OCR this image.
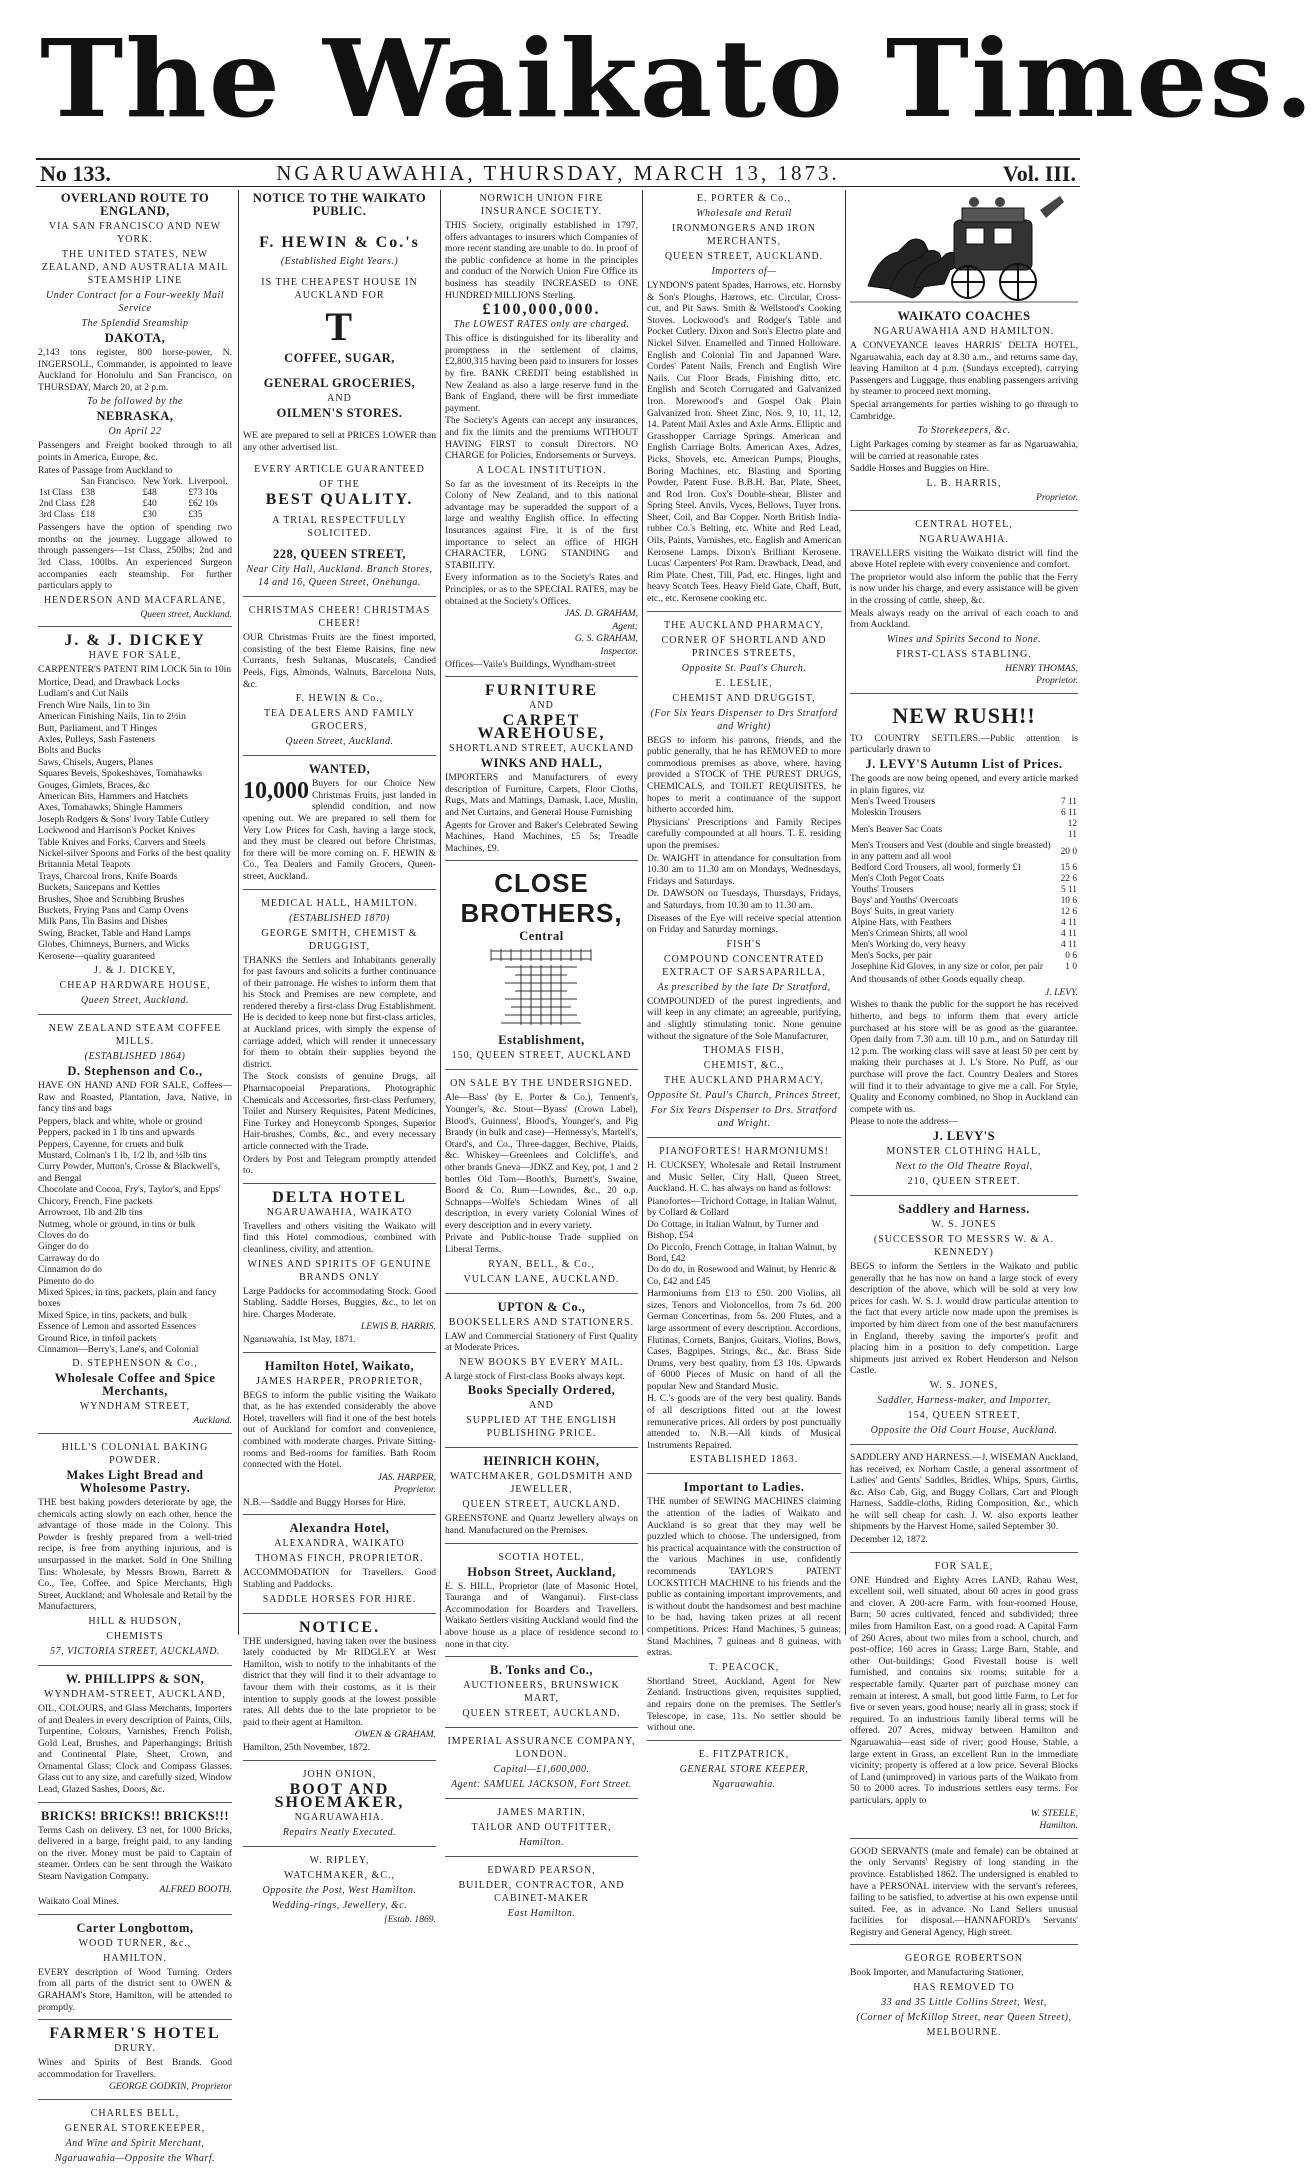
The Waikato Times.
No 133.	NGARUAWAHIA, THURSDAY, MARCH 13, 1873.	Vol. III.
OVERLAND ROUTE TO ENGLAND,
VIA SAN FRANCISCO AND NEW YORK.
THE UNITED STATES, NEW ZEALAND, AND AUSTRALIA MAIL STEAMSHIP LINE
Under Contract for a Four-weekly Mail Service
The Splendid Steamship
DAKOTA,
2,143 tons register, 800 horse-power, N. INGERSOLL, Commander, is appointed to leave Auckland for Honolulu and San Francisco, on THURSDAY, March 20, at 2 p.m.
To be followed by the
NEBRASKA,
On April 22
Passengers and Freight booked through to all points in America, Europe, &c.
Rates of Passage from Auckland to
	San Francisco.	New York.	Liverpool.
1st Class	£38	£48	£73 10s
2nd Class	£28	£40	£62 10s
3rd Class	£18	£30	£35
Passengers have the option of spending two months on the journey. Luggage allowed to through passengers—1st Class, 250lbs; 2nd and 3rd Class, 100lbs. An experienced Surgeon accompanies each steamship. For further particulars apply to
HENDERSON AND MACFARLANE,
Queen street, Auckland.
J. & J. DICKEY
HAVE FOR SALE,
CARPENTER'S PATENT RIM LOCK 5in to 10in
Mortice, Dead, and Drawback Locks
Ludlam's and Cut Nails
French Wire Nails, 1in to 3in
American Finishing Nails, 1in to 2½in
Butt, Parliament, and T Hinges
Axles, Pulleys, Sash Fasteners
Bolts and Bucks
Saws, Chisels, Augers, Planes
Squares Bevels, Spokeshaves, Tomahawks
Gouges, Gimlets, Braces, &c
American Bits, Hammers and Hatchets
Axes, Tomahawks, Shingle Hammers
Joseph Rodgers & Sons' Ivory Table Cutlery
Lockwood and Harrison's Pocket Knives
Table Knives and Forks, Carvers and Steels
Nickel-silver Spoons and Forks of the best quality
Britannia Metal Teapots
Trays, Charcoal Irons, Knife Boards
Buckets, Saucepans and Kettles
Brushes, Shoe and Scrubbing Brushes
Buckets, Frying Pans and Camp Ovens
Milk Pans, Tin Basins and Dishes
Swing, Bracket, Table and Hand Lamps
Globes, Chimneys, Burners, and Wicks
Kerosene—quality guaranteed
J. & J. DICKEY,
CHEAP HARDWARE HOUSE,
Queen Street, Auckland.
NEW ZEALAND STEAM COFFEE MILLS.
(ESTABLISHED 1864)
D. Stephenson and Co.,
HAVE ON HAND AND FOR SALE, Coffees—Raw and Roasted, Plantation, Java, Native, in fancy tins and bags
Peppers, black and white, whole or ground
Peppers, packed in 1 lb tins and upwards
Peppers, Cayenne, for cruets and bulk
Mustard, Colman's 1 lb, 1/2 lb, and ½lb tins
Curry Powder, Mutton's, Crosse & Blackwell's, and Bengal
Chocolate and Cocoa, Fry's, Taylor's, and Epps'
Chicory, French, Fine packets
Arrowroot, 1lb and 2lb tins
Nutmeg, whole or ground, in tins or bulk
Cloves do do
Ginger do do
Carraway do do
Cinnamon do do
Pimento do do
Mixed Spices, in tins, packets, plain and fancy boxes
Mixed Spice, in tins, packets, and bulk
Essence of Lemon and assorted Essences
Ground Rice, in tinfoil packets
Cinnamon—Berry's, Lane's, and Colonial
D. STEPHENSON & Co.,
Wholesale Coffee and Spice Merchants,
WYNDHAM STREET,
Auckland.
HILL'S COLONIAL BAKING POWDER.
Makes Light Bread and Wholesome Pastry.
THE best baking powders deteriorate by age, the chemicals acting slowly on each other, hence the advantage of those made in the Colony. This Powder is freshly prepared from a well-tried recipe, is free from anything injurious, and is unsurpassed in the market. Sold in One Shilling Tins: Wholesale, by Messrs Brown, Barrett & Co., Tee, Coffee, and Spice Merchants, High Street, Auckland; and Wholesale and Retail by the Manufacturers,
HILL & HUDSON,
CHEMISTS
57, VICTORIA STREET, AUCKLAND.
W. PHILLIPPS & SON,
WYNDHAM-STREET, AUCKLAND,
OIL, COLOURS, and Glass Merchants, Importers of and Dealers in every description of Paints, Oils, Turpentine, Colours, Varnishes, French Polish, Gold Leaf, Brushes, and Paperhangings; British and Continental Plate, Sheet, Crown, and Ornamental Glass; Clock and Compass Glasses. Glass cut to any size, and carefully sized, Window Lead, Glazed Sashes, Doors, &c.
BRICKS! BRICKS!! BRICKS!!!
Terms Cash on delivery. £3 net, for 1000 Bricks, delivered in a barge, freight paid, to any landing on the river. Money must be paid to Captain of steamer. Orders can be sent through the Waikato Steam Navigation Company.
ALFRED BOOTH.
Waikato Coal Mines.
Carter Longbottom,
WOOD TURNER, &c.,
HAMILTON.
EVERY description of Wood Turning. Orders from all parts of the district sent to OWEN & GRAHAM's Store, Hamilton, will be attended to promptly.
FARMER'S HOTEL
DRURY.
Wines and Spirits of Best Brands. Good accommodation for Travellers.
GEORGE GODKIN, Proprietor
CHARLES BELL,
GENERAL STOREKEEPER,
And Wine and Spirit Merchant,
Ngaruawahia—Opposite the Wharf.
NOTICE TO THE WAIKATO PUBLIC.
F. HEWIN & Co.'s
(Established Eight Years.)
IS THE CHEAPEST HOUSE IN AUCKLAND FOR
T
COFFEE, SUGAR,
GENERAL GROCERIES,
AND
OILMEN'S STORES.
WE are prepared to sell at PRICES LOWER than any other advertised list.
EVERY ARTICLE GUARANTEED
OF THE
BEST QUALITY.
A TRIAL RESPECTFULLY SOLICITED.
228, QUEEN STREET,
Near City Hall, Auckland. Branch Stores, 14 and 16, Queen Street, Onehunga.
CHRISTMAS CHEER! CHRISTMAS CHEER!
OUR Christmas Fruits are the finest imported, consisting of the best Eleme Raisins, fine new Currants, fresh Sultanas, Muscatels, Candied Peels, Figs, Almonds, Walnuts, Barcelona Nuts, &c.
F. HEWIN & Co.,
TEA DEALERS AND FAMILY GROCERS,
Queen Street, Auckland.
WANTED,
10,000 Buyers for our Choice New Christmas Fruits, just landed in splendid condition, and now opening out. We are prepared to sell them for Very Low Prices for Cash, having a large stock, and they must be cleared out before Christmas, for there will be more coming on. F. HEWIN & Co., Tea Dealers and Family Grocers, Queen-street, Auckland.
MEDICAL HALL, HAMILTON.
(ESTABLISHED 1870)
GEORGE SMITH, CHEMIST & DRUGGIST,
THANKS the Settlers and Inhabitants generally for past favours and solicits a further continuance of their patronage. He wishes to inform them that his Stock and Premises are new complete, and rendered thereby a first-class Drug Establishment. He is decided to keep none but first-class articles, at Auckland prices, with simply the expense of carriage added, which will render it unnecessary for them to obtain their supplies beyond the district.
The Stock consists of genuine Drugs, all Pharmacopoeial Preparations, Photographic Chemicals and Accessories, first-class Perfumery, Toilet and Nursery Requisites, Patent Medicines, Fine Turkey and Honeycomb Sponges, Superior Hair-brushes, Combs, &c., and every necessary article connected with the Trade.
Orders by Post and Telegram promptly attended to.
DELTA HOTEL
NGARUAWAHIA, WAIKATO
Travellers and others visiting the Waikato will find this Hotel commodious, combined with cleanliness, civility, and attention.
WINES AND SPIRITS OF GENUINE BRANDS ONLY
Large Paddocks for accommodating Stock. Good Stabling. Saddle Horses, Buggies, &c., to let on hire. Charges Moderate.
LEWIS B. HARRIS.
Ngaruawahia, 1st May, 1871.
Hamilton Hotel, Waikato,
JAMES HARPER, PROPRIETOR,
BEGS to inform the public visiting the Waikato that, as he has extended considerably the above Hotel, travellers will find it one of the best hotels out of Auckland for comfort and convenience, combined with moderate charges. Private Sitting-rooms and Bed-rooms for families. Bath Room connected with the Hotel.
JAS. HARPER,
Proprietor.
N.B.—Saddle and Buggy Horses for Hire.
Alexandra Hotel,
ALEXANDRA, WAIKATO
THOMAS FINCH, PROPRIETOR.
ACCOMMODATION for Travellers. Good Stabling and Paddocks.
SADDLE HORSES FOR HIRE.
NOTICE.
THE undersigned, having taken over the business lately conducted by Mr RIDGLEY at West Hamilton, wish to notify to the inhabitants of the district that they will find it to their advantage to favour them with their customs, as it is their intention to supply goods at the lowest possible rates. All debts due to the late proprietor to be paid to their agent at Hamilton.
OWEN & GRAHAM.
Hamilton, 25th November, 1872.
JOHN ONION,
BOOT AND SHOEMAKER,
NGARUAWAHIA.
Repairs Neatly Executed.
W. RIPLEY,
WATCHMAKER, &C.,
Opposite the Post, West Hamilton.
Wedding-rings, Jewellery, &c.
[Estab. 1869.
NORWICH UNION FIRE INSURANCE SOCIETY.
THIS Society, originally established in 1797, offers advantages to insurers which Companies of more recent standing are unable to do. In proof of the public confidence at home in the principles and conduct of the Norwich Union Fire Office its business has steadily INCREASED to ONE HUNDRED MILLIONS Sterling.
£100,000,000.
The LOWEST RATES only are charged.
This office is distinguished for its liberality and promptness in the settlement of claims, £2,800,315 having been paid to insurers for losses by fire. BANK CREDIT being established in New Zealand as also a large reserve fund in the Bank of England, there will be first immediate payment.
The Society's Agents can accept any insurances, and fix the limits and the premiums WITHOUT HAVING FIRST to consult Directors. NO CHARGE for Policies, Endorsements or Surveys.
A LOCAL INSTITUTION.
So far as the investment of its Receipts in the Colony of New Zealand, and to this national advantage may be superadded the support of a large and wealthy English office. In effecting Insurances against Fire, it is of the first importance to select an office of HIGH CHARACTER, LONG STANDING and STABILITY.
Every information as to the Society's Rates and Principles, or as to the SPECIAL RATES, may be obtained at the Society's Offices.
JAS. D. GRAHAM,
Agent;
G. S. GRAHAM,
Inspector.
Offices—Vaile's Buildings, Wyndham-street
FURNITURE
AND
CARPET WAREHOUSE,
SHORTLAND STREET, AUCKLAND
WINKS AND HALL,
IMPORTERS and Manufacturers of every description of Furniture, Carpets, Floor Cloths, Rugs, Mats and Mattings, Damask, Lace, Muslin, and Net Curtains, and General House Furnishing
Agents for Grover and Baker's Celebrated Sewing Machines, Hand Machines, £5 5s; Treadle Machines, £9.
CLOSE BROTHERS,
Central
Establishment,
150, QUEEN STREET, AUCKLAND
ON SALE BY THE UNDERSIGNED.
Ale—Bass' (by E. Porter & Co.), Tennent's, Younger's, &c. Stout—Byass' (Crown Label), Blood's, Guinness', Blood's, Younger's, and Pig Brandy (in bulk and case)—Hennessy's, Martell's, Otard's, and Co., Three-dagger, Bechive, Plaids, &c. Whiskey—Greenlees and Colcliffe's, and other brands Gneva—JDKZ and Key, pot, 1 and 2 bottles Old Tom—Booth's, Burnett's, Swaine, Boord & Co. Rum—Lowndes, &c., 20 o.p. Schnapps—Wolfe's Schiedam Wines of all description, in every variety Colonial Wines of every description and in every variety.
Private and Public-house Trade supplied on Liberal Terms.
RYAN, BELL, & Co.,
VULCAN LANE, AUCKLAND.
UPTON & Co.,
BOOKSELLERS AND STATIONERS.
LAW and Commercial Stationery of First Quality at Moderate Prices.
NEW BOOKS BY EVERY MAIL.
A large stock of First-class Books always kept.
Books Specially Ordered,
AND
SUPPLIED AT THE ENGLISH PUBLISHING PRICE.
HEINRICH KOHN,
WATCHMAKER, GOLDSMITH AND JEWELLER,
QUEEN STREET, AUCKLAND.
GREENSTONE and Quartz Jewellery always on hand. Manufactured on the Premises.
SCOTIA HOTEL,
Hobson Street, Auckland,
E. S. HILL, Proprietor (late of Masonic Hotel, Tauranga and of Wanganui). First-class Accommodation for Boarders and Travellers. Waikato Settlers visiting Auckland would find the above house as a place of residence second to none in that city.
B. Tonks and Co.,
AUCTIONEERS, BRUNSWICK MART,
QUEEN STREET, AUCKLAND.
IMPERIAL ASSURANCE COMPANY, LONDON.
Capital—£1,600,000.
Agent: SAMUEL JACKSON, Fort Street.
JAMES MARTIN,
TAILOR AND OUTFITTER,
Hamilton.
EDWARD PEARSON,
BUILDER, CONTRACTOR, AND CABINET-MAKER
East Hamilton.
E. PORTER & Co.,
Wholesale and Retail
IRONMONGERS AND IRON MERCHANTS,
QUEEN STREET, AUCKLAND.
Importers of—
LYNDON'S patent Spades, Harrows, etc. Hornsby & Son's Ploughs, Harrows, etc. Circular, Cross-cut, and Pit Saws. Smith & Wellstood's Cooking Stoves. Lockwood's and Rodger's Table and Pocket Cutlery. Dixon and Son's Electro plate and Nickel Silver. Enamelled and Tinned Holloware. English and Colonial Tin and Japanned Ware. Cordes' Patent Nails, French and English Wire Nails. Cut Floor Brads, Finishing ditto, etc. English and Scotch Corrugated and Galvanized Iron. Morewood's and Gospel Oak Plain Galvanized Iron. Sheet Zinc, Nos. 9, 10, 11, 12, 14. Patent Mail Axles and Axle Arms. Elliptic and Grasshopper Carriage Springs. American and English Carriage Bolts. American Axes, Adzes, Picks, Shovels, etc. American Pumps, Ploughs, Boring Machines, etc. Blasting and Sporting Powder, Patent Fuse. B.B.H. Bar, Plate, Sheet, and Rod Iron. Cox's Double-shear, Blister and Spring Steel. Anvils, Vyces, Bellows, Tuyer Irons. Sheet, Coil, and Bar Copper. North British India-rubber Co.'s Belting, etc. White and Red Lead, Oils, Paints, Varnishes, etc. English and American Kerosene Lamps. Dixon's Brilliant Kerosene. Lucas' Carpenters' Pot Ram. Drawback, Dead, and Rim Plate. Chest, Till, Pad, etc. Hinges, light and heavy Scotch Tees. Heavy Field Gate, Chaff, Butt, etc., etc. Kerosene cooking etc.
THE AUCKLAND PHARMACY,
CORNER OF SHORTLAND AND PRINCES STREETS,
Opposite St. Paul's Church.
E. LESLIE,
CHEMIST AND DRUGGIST,
(For Six Years Dispenser to Drs Stratford and Wright)
BEGS to inform his patrons, friends, and the public generally, that he has REMOVED to more commodious premises as above, where, having provided a STOCK of THE PUREST DRUGS, CHEMICALS, and TOILET REQUISITES, he hopes to merit a continuance of the support hitherto accorded him.
Physicians' Prescriptions and Family Recipes carefully compounded at all hours. T. E. residing upon the premises.
Dr. WAIGHT in attendance for consultation from 10.30 am to 11.30 am on Mondays, Wednesdays, Fridays and Saturdays.
Dr. DAWSON on Tuesdays, Thursdays, Fridays, and Saturdays, from 10.30 am to 11.30 am.
Diseases of the Eye will receive special attention on Friday and Saturday mornings.
FISH'S
COMPOUND CONCENTRATED EXTRACT OF SARSAPARILLA,
As prescribed by the late Dr Stratford,
COMPOUNDED of the purest ingredients, and will keep in any climate; an agreeable, purifying, and slightly stimulating tonic. None genuine without the signature of the Sole Manufacturer,
THOMAS FISH,
CHEMIST, &C.,
THE AUCKLAND PHARMACY,
Opposite St. Paul's Church, Princes Street,
For Six Years Dispenser to Drs. Stratford and Wright.
PIANOFORTES! HARMONIUMS!
H. CUCKSEY, Wholesale and Retail Instrument and Music Seller, City Hall, Queen Street, Auckland. H. C. has always on hand as follows:
Pianofortes—Trichord Cottage, in Italian Walnut, by Collard & Collard
Do Cottage, in Italian Walnut, by Turner and Bishop, £54
Do Piccolo, French Cottage, in Italian Walnut, by Bord, £42
Do do do, in Rosewood and Walnut, by Henric & Co, £42 and £45
Harmoniums from £13 to £50. 200 Violins, all sizes, Tenors and Violoncellos, from 7s 6d. 200 German Concertinas, from 5s. 200 Flutes, and a large assortment of every description. Accordions, Flutinas, Cornets, Banjos, Guitars, Violins, Bows, Cases, Bagpipes, Strings, &c., &c. Brass Side Drums, very best quality, from £3 10s. Upwards of 6000 Pieces of Music on hand of all the popular New and Standard Music.
H. C.'s goods are of the very best quality. Bands of all descriptions fitted out at the lowest remunerative prices. All orders by post punctually attended to. N.B.—All kinds of Musical Instruments Repaired.
ESTABLISHED 1863.
Important to Ladies.
THE number of SEWING MACHINES claiming the attention of the ladies of Waikato and Auckland is so great that they may well be puzzled which to choose. The undersigned, from his practical acquaintance with the construction of the various Machines in use, confidently recommends TAYLOR'S PATENT LOCKSTITCH MACHINE to his friends and the public as containing important improvements, and is without doubt the handsomest and best machine to be had, having taken prizes at all recent competitions. Prices: Hand Machines, 5 guineas; Stand Machines, 7 guineas and 8 guineas, with extras.
T. PEACOCK,
Shortland Street, Auckland, Agent for New Zealand. Instructions given, requisites supplied, and repairs done on the premises. The Settler's Telescope, in case, 11s. No settler should be without one.
E. FITZPATRICK,
GENERAL STORE KEEPER,
Ngaruawahia.
WAIKATO COACHES
NGARUAWAHIA AND HAMILTON.
A CONVEYANCE leaves HARRIS' DELTA HOTEL, Ngaruawahia, each day at 8.30 a.m., and returns same day, leaving Hamilton at 4 p.m. (Sundays excepted), carrying Passengers and Luggage, thus enabling passengers arriving by steamer to proceed next morning.
Special arrangements for parties wishing to go through to Cambridge.
To Storekeepers, &c.
Light Parkages coming by steamer as far as Ngaruawahia, will be carried at reasonable rates
Saddle Horses and Buggies on Hire.
L. B. HARRIS,
Proprietor.
CENTRAL HOTEL,
NGARUAWAHIA.
TRAVELLERS visiting the Waikato district will find the above Hotel replete with every convenience and comfort.
The proprietor would also inform the public that the Ferry is now under his charge, and every assistance will be given in the crossing of cattle, sheep, &c.
Meals always ready on the arrival of each coach to and from Auckland.
Wines and Spirits Second to None.
FIRST-CLASS STABLING.
HENRY THOMAS,
Proprietor.
NEW RUSH!!
TO COUNTRY SETTLERS.—Public attention is particularly drawn to
J. LEVY'S Autumn List of Prices.
The goods are now being opened, and every article marked in plain figures, viz
Men's Tweed Trousers	7 11
Moleskin Trousers	6 11
Men's Beaver Sac Coats	12 11
Men's Trousers and Vest (double and single breasted) in any pattern and all wool	20 0
Bedford Cord Trousers, all wool, formerly £1	15 6
Men's Cloth Pegot Coats	22 6
Youths' Trousers	5 11
Boys' and Youths' Overcoats	10 6
Boys' Suits, in great variety	12 6
Alpine Hats, with Feathers	4 11
Men's Crimean Shirts, all wool	4 11
Men's Working do, very heavy	4 11
Men's Socks, per pair	0 6
Josephine Kid Gloves, in any size or color, per pair	1 0
And thousands of other Goods equally cheap.
J. LEVY.
Wishes to thank the public for the support he has received hitherto, and begs to inform them that every article purchased at his store will be as good as the guarantee. Open daily from 7.30 a.m. till 10 p.m., and on Saturday till 12 p.m. The working class will save at least 50 per cent by making their purchases at J. L's Store. No Puff, as our purchase will prove the fact. Country Dealers and Stores will find it to their advantage to give me a call. For Style, Quality and Economy combined, no Shop in Auckland can compete with us.
Please to note the address—
J. LEVY'S
MONSTER CLOTHING HALL,
Next to the Old Theatre Royal,
210, QUEEN STREET.
Saddlery and Harness.
W. S. JONES
(SUCCESSOR TO MESSRS W. & A. KENNEDY)
BEGS to inform the Settlers in the Waikato and public generally that he has now on hand a large stock of every description of the above, which will be sold at very low prices for cash. W. S. J. would draw particular attention to the fact that every article now made upon the premises is imported by him direct from one of the best manufacturers in England, thereby saving the importer's profit and placing him in a position to defy competition. Large shipments just arrived ex Robert Henderson and Nelson Castle.
W. S. JONES,
Saddler, Harness-maker, and Importer,
154, QUEEN STREET,
Opposite the Old Court House, Auckland.
SADDLERY AND HARNESS.—J. WISEMAN Auckland, has received, ex Norham Castle, a general assortment of Ladies' and Gents' Saddles, Bridles, Whips, Spurs, Girths, &c. Also Cab, Gig, and Buggy Collars, Cart and Plough Harness, Saddle-cloths, Riding Composition, &c., which he will sell cheap for cash. J. W. also exports leather shipments by the Harvest Home, sailed September 30.
December 12, 1872.
FOR SALE,
ONE Hundred and Eighty Acres LAND, Rahau West, excellent soil, well situated, about 60 acres in good grass and clover. A 200-acre Farm, with four-roomed House, Barn; 50 acres cultivated, fenced and subdivided; three miles from Hamilton East, on a good road. A Capital Farm of 260 Acres, about two miles from a school, church, and post-office; 160 acres in Grass; Large Barn, Stable, and other Out-buildings; Good Fivestall house is well furnished, and contains six rooms; suitable for a respectable family. Quarter part of purchase money can remain at interest. A small, but good little Farm, to Let for five or seven years, good house; nearly all in grass; stock if required. To an industrious family liberal terms will be offered. 207 Acres, midway between Hamilton and Ngaruawahia—east side of river; good House, Stable, a large extent in Grass, an excellent Run in the immediate vicinity; property is offered at a low price. Several Blocks of Land (unimproved) in various parts of the Waikato from 50 to 2000 acres. To industrious settlers easy terms. For particulars, apply to
W. STEELE,
Hamilton.
GOOD SERVANTS (male and female) can be obtained at the only Servants' Registry of long standing in the province. Established 1862. The undersigned is enabled to have a PERSONAL interview with the servant's referees, failing to be satisfied, to advertise at his own expense until suited. Fee, as in advance. No Land Sellers unusual facilities for disposal.—HANNAFORD's Servants' Registry and General Agency, High street.
GEORGE ROBERTSON
Book Importer, and Manufacturing Stationer,
HAS REMOVED TO
33 and 35 Little Collins Street, West,
(Corner of McKillop Street, near Queen Street),
MELBOURNE.
